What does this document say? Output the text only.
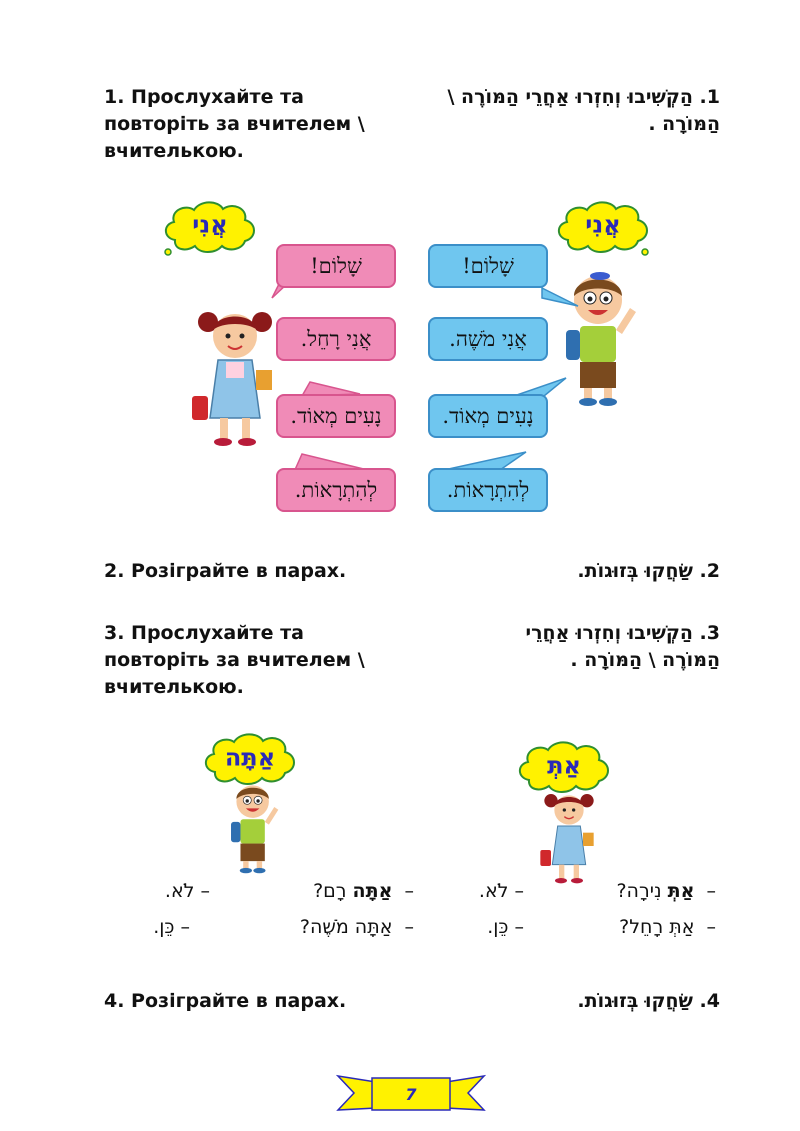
1. Прослухайте та повторіть за вчителем \ вчителькою.
1. הַקְשִׁיבוּ וְחִזְרוּ אַחֲרֵי הַמּוֹרֶה \ הַמּוֹרָה .
אֲנִי	אֲנִי
שָׁלוֹם!
אֲנִי רָחֵל.
נָעִים מְאוֹד.
לְהִתְרָאוֹת.
שָׁלוֹם!
אֲנִי מֹשֶׁה.
נָעִים מְאוֹד.
לְהִתְרָאוֹת.
2. Розіграйте в парах.	2. שַׂחֲקוּ בְּזוּגוֹת.
3. Прослухайте та повторіть за вчителем \ вчителькою.
3. הַקְשִׁיבוּ וְחִזְרוּ אַחֲרֵי הַמּוֹרֶה \ הַמּוֹרָה .
אַתָּה	אַתְּ
–  אַתָּה רָם?
– לֹא.
–  אַתָּה מֹשֶׁה?
– כֵּן.
–  אַתְּ נִירָה?
– לֹא.
–  אַתְּ רָחֵל?
– כֵּן.
4. Розіграйте в парах.	4. שַׂחֲקוּ בְּזוּגוֹת.
7
